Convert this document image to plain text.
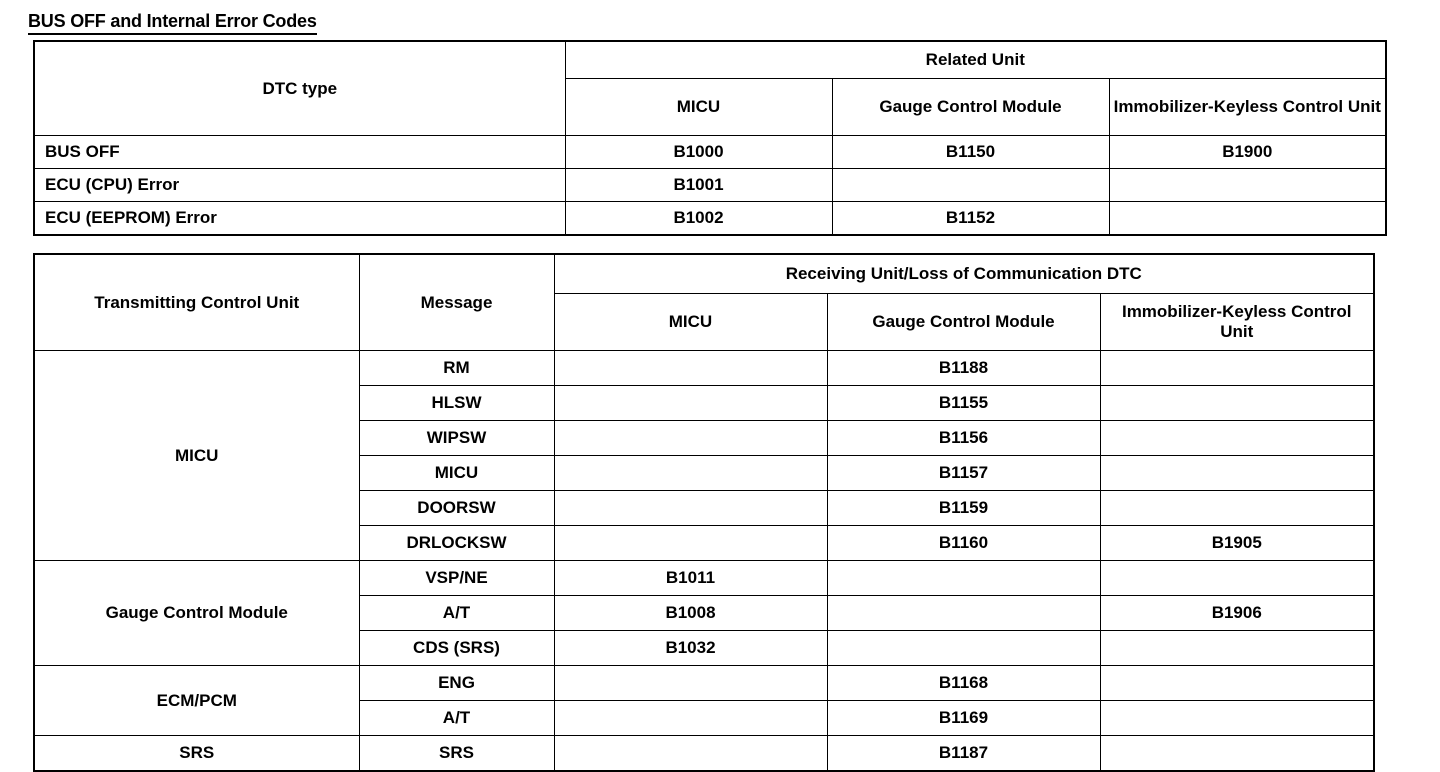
BUS OFF and Internal Error Codes
DTC type	Related Unit		
	MICU	Gauge Control Module	Immobilizer-Keyless Control Unit
BUS OFF	B1000	B1150	B1900
ECU (CPU) Error	B1001		
ECU (EEPROM) Error	B1002	B1152	
Transmitting Control Unit	Message	Receiving Unit/Loss of Communication DTC		
		MICU	Gauge Control Module	Immobilizer-Keyless Control Unit
MICU	RM		B1188	
	HLSW		B1155	
	WIPSW		B1156	
	MICU		B1157	
	DOORSW		B1159	
	DRLOCKSW		B1160	B1905
Gauge Control Module	VSP/NE	B1011		
	A/T	B1008		B1906
	CDS (SRS)	B1032		
ECM/PCM	ENG		B1168	
	A/T		B1169	
SRS	SRS		B1187	
